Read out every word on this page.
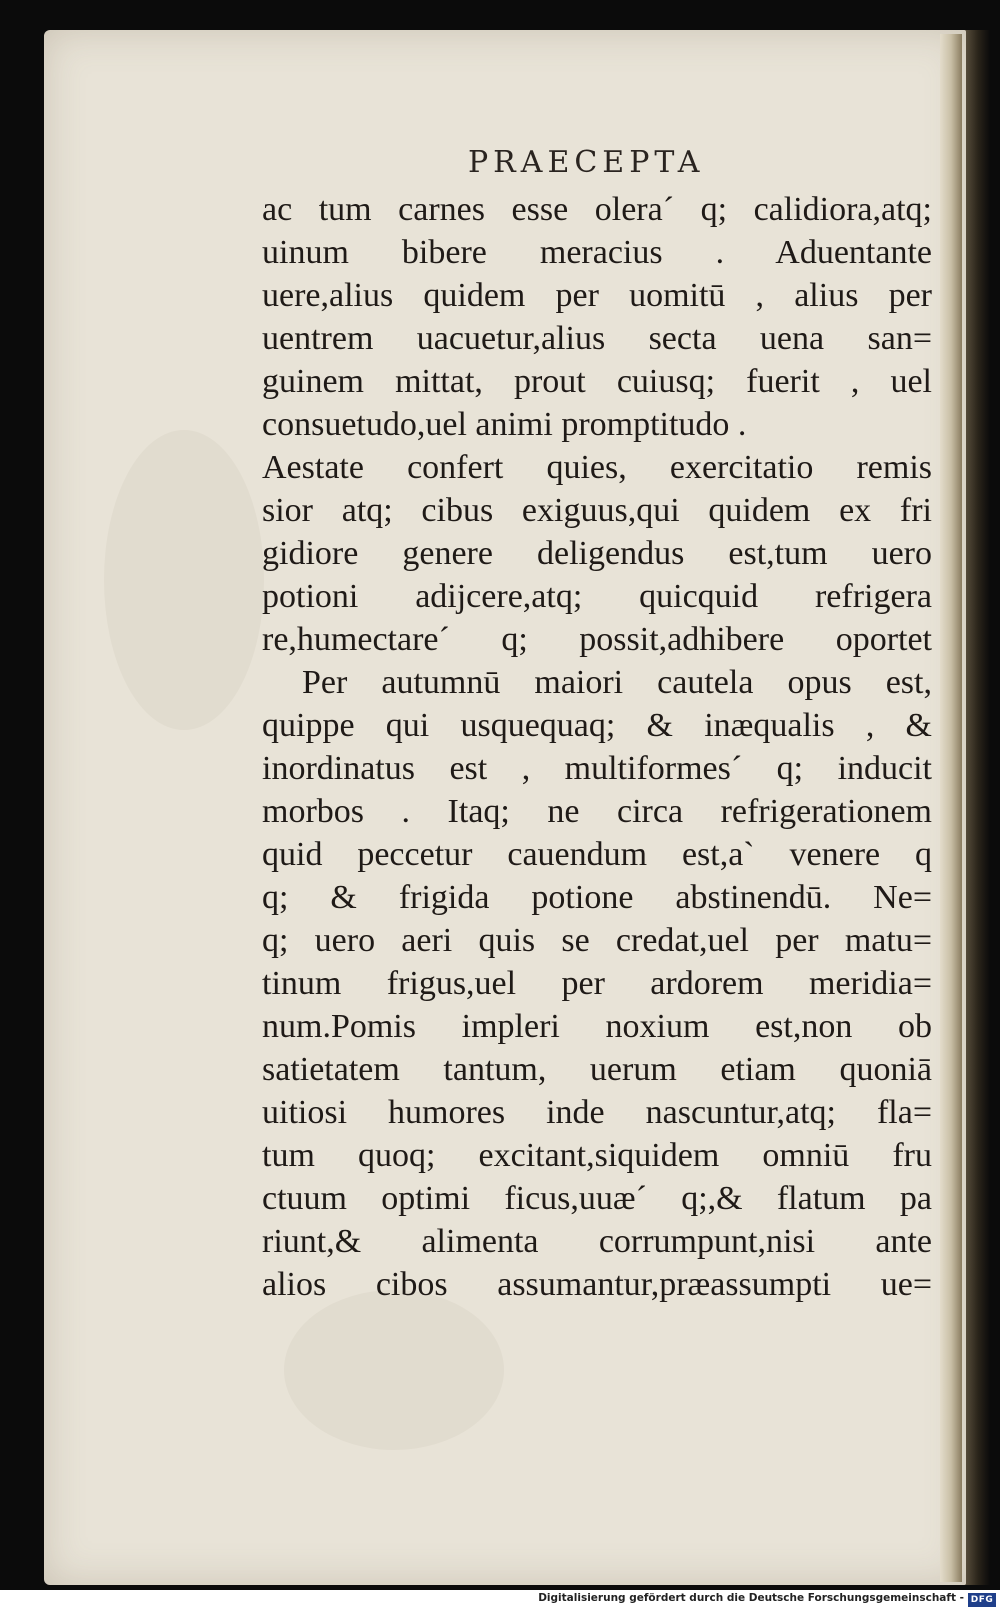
PRAECEPTA
ac tum carnes esse olera´ q; calidiora,atq;
uinum bibere meracius . Aduentante
uere,alius quidem per uomitū , alius per
uentrem uacuetur,alius secta uena san=
guinem mittat, prout cuiusq; fuerit , uel
consuetudo,uel animi promptitudo .
Aestate confert quies, exercitatio remis
sior atq; cibus exiguus,qui quidem ex fri
gidiore genere deligendus est,tum uero
potioni adijcere,atq; quicquid refrigera
re,humectare´ q; possit,adhibere oportet
Per autumnū maiori cautela opus est,
quippe qui usquequaq; & inæqualis , &
inordinatus est , multiformes´ q; inducit
morbos . Itaq; ne circa refrigerationem
quid peccetur cauendum est,a` venere q
q; & frigida potione abstinendū. Ne=
q; uero aeri quis se credat,uel per matu=
tinum frigus,uel per ardorem meridia=
num.Pomis impleri noxium est,non ob
satietatem tantum, uerum etiam quoniā
uitiosi humores inde nascuntur,atq; fla=
tum quoq; excitant,siquidem omniū fru
ctuum optimi ficus,uuæ´ q;,& flatum pa
riunt,& alimenta corrumpunt,nisi ante
alios cibos assumantur,præassumpti ue=
Digitalisierung gefördert durch die Deutsche Forschungsgemeinschaft - DFG
